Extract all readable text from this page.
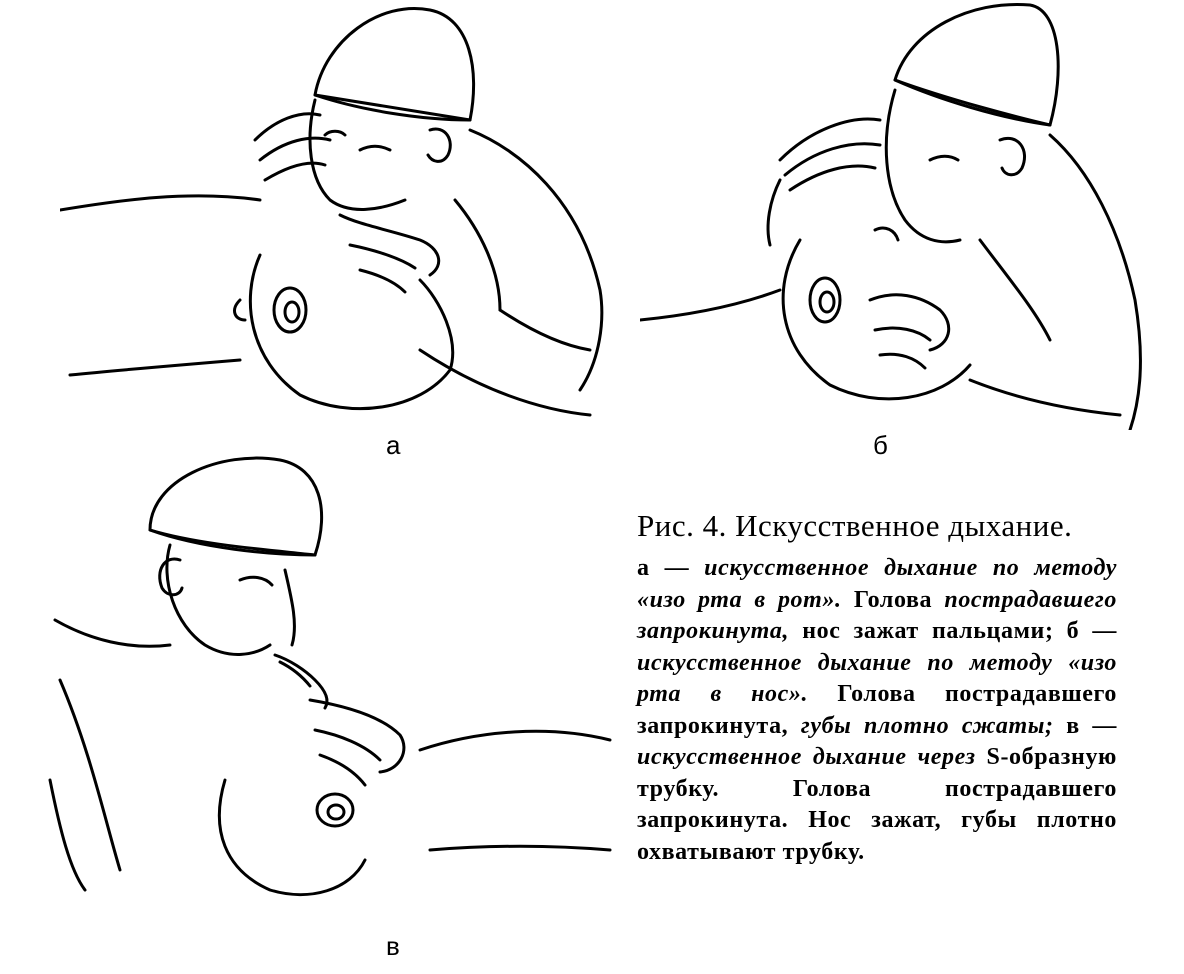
а	б
в

Рис. 4. Искусственное дыхание.

а — искусственное дыхание по методу «изо рта в рот». Голова пострадавшего запрокинута, нос зажат пальцами; б — искусственное дыхание по методу «изо рта в нос». Голова пострадавшего запрокинута, губы плотно сжаты; в — искусственное дыхание через S-образную трубку. Голова пострадавшего запрокинута. Нос зажат, губы плотно охватывают трубку.
